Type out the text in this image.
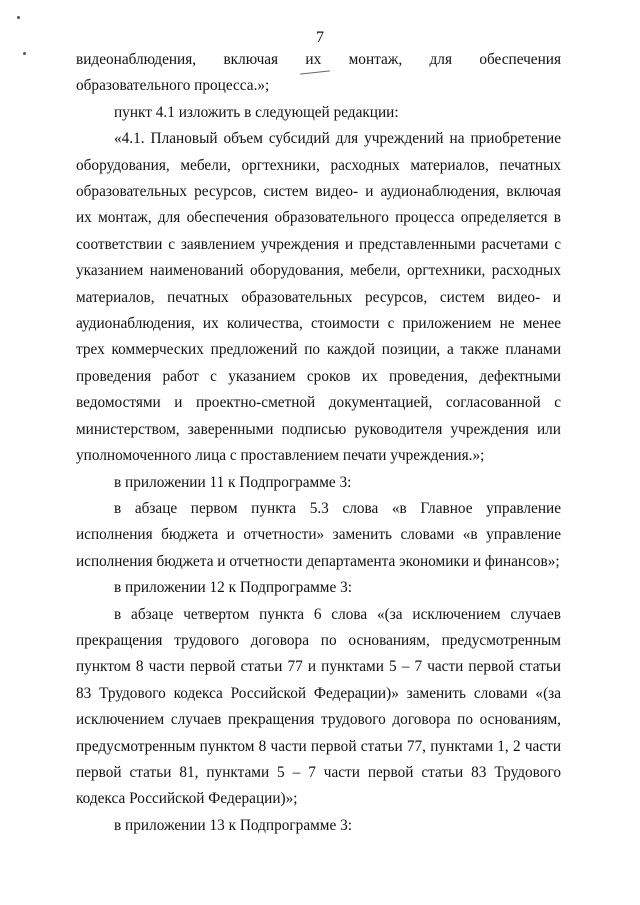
7

видеонаблюдения, включая их монтаж, для обеспечения образовательного процесса.»;

пункт 4.1 изложить в следующей редакции:

«4.1. Плановый объем субсидий для учреждений на приобретение оборудования, мебели, оргтехники, расходных материалов, печатных образовательных ресурсов, систем видео- и аудионаблюдения, включая их монтаж, для обеспечения образовательного процесса определяется в соответствии с заявлением учреждения и представленными расчетами с указанием наименований оборудования, мебели, оргтехники, расходных материалов, печатных образовательных ресурсов, систем видео- и аудионаблюдения, их количества, стоимости с приложением не менее трех коммерческих предложений по каждой позиции, а также планами проведения работ с указанием сроков их проведения, дефектными ведомостями и проектно-сметной документацией, согласованной с министерством, заверенными подписью руководителя учреждения или уполномоченного лица с проставлением печати учреждения.»;

в приложении 11 к Подпрограмме 3:

в абзаце первом пункта 5.3 слова «в Главное управление исполнения бюджета и отчетности» заменить словами «в управление исполнения бюджета и отчетности департамента экономики и финансов»;

в приложении 12 к Подпрограмме 3:

в абзаце четвертом пункта 6 слова «(за исключением случаев прекращения трудового договора по основаниям, предусмотренным пунктом 8 части первой статьи 77 и пунктами 5 – 7 части первой статьи 83 Трудового кодекса Российской Федерации)» заменить словами «(за исключением случаев прекращения трудового договора по основаниям, предусмотренным пунктом 8 части первой статьи 77, пунктами 1, 2 части первой статьи 81, пунктами 5 – 7 части первой статьи 83 Трудового кодекса Российской Федерации)»;

в приложении 13 к Подпрограмме 3:
